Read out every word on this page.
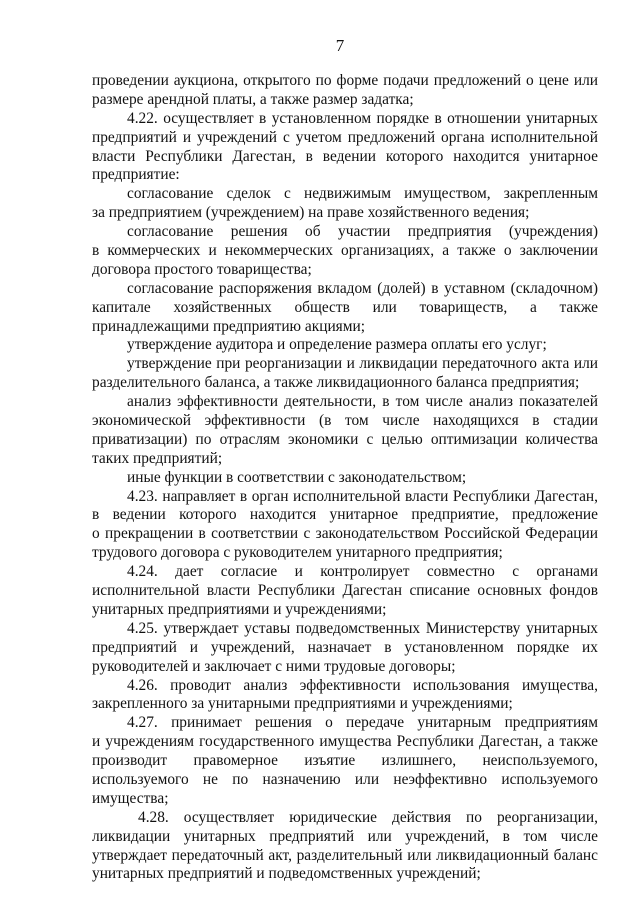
7
проведении аукциона, открытого по форме подачи предложений о цене или
размере арендной платы, а также размер задатка;
4.22. осуществляет в установленном порядке в отношении унитарных
предприятий и учреждений с учетом предложений органа исполнительной
власти Республики Дагестан, в ведении которого находится унитарное
предприятие:
согласование сделок с недвижимым имуществом, закрепленным
за предприятием (учреждением) на праве хозяйственного ведения;
согласование решения об участии предприятия (учреждения)
в коммерческих и некоммерческих организациях, а также о заключении
договора простого товарищества;
согласование распоряжения вкладом (долей) в уставном (складочном)
капитале хозяйственных обществ или товариществ, а также
принадлежащими предприятию акциями;
утверждение аудитора и определение размера оплаты его услуг;
утверждение при реорганизации и ликвидации передаточного акта или
разделительного баланса, а также ликвидационного баланса предприятия;
анализ эффективности деятельности, в том числе анализ показателей
экономической эффективности (в том числе находящихся в стадии
приватизации) по отраслям экономики с целью оптимизации количества
таких предприятий;
иные функции в соответствии с законодательством;
4.23. направляет в орган исполнительной власти Республики Дагестан,
в ведении которого находится унитарное предприятие, предложение
о прекращении в соответствии с законодательством Российской Федерации
трудового договора с руководителем унитарного предприятия;
4.24. дает согласие и контролирует совместно с органами
исполнительной власти Республики Дагестан списание основных фондов
унитарных предприятиями и учреждениями;
4.25. утверждает уставы подведомственных Министерству унитарных
предприятий и учреждений, назначает в установленном порядке их
руководителей и заключает с ними трудовые договоры;
4.26. проводит анализ эффективности использования имущества,
закрепленного за унитарными предприятиями и учреждениями;
4.27. принимает решения о передаче унитарным предприятиям
и учреждениям государственного имущества Республики Дагестан, а также
производит правомерное изъятие излишнего, неиспользуемого,
используемого не по назначению или неэффективно используемого
имущества;
4.28. осуществляет юридические действия по реорганизации,
ликвидации унитарных предприятий или учреждений, в том числе
утверждает передаточный акт, разделительный или ликвидационный баланс
унитарных предприятий и подведомственных учреждений;
